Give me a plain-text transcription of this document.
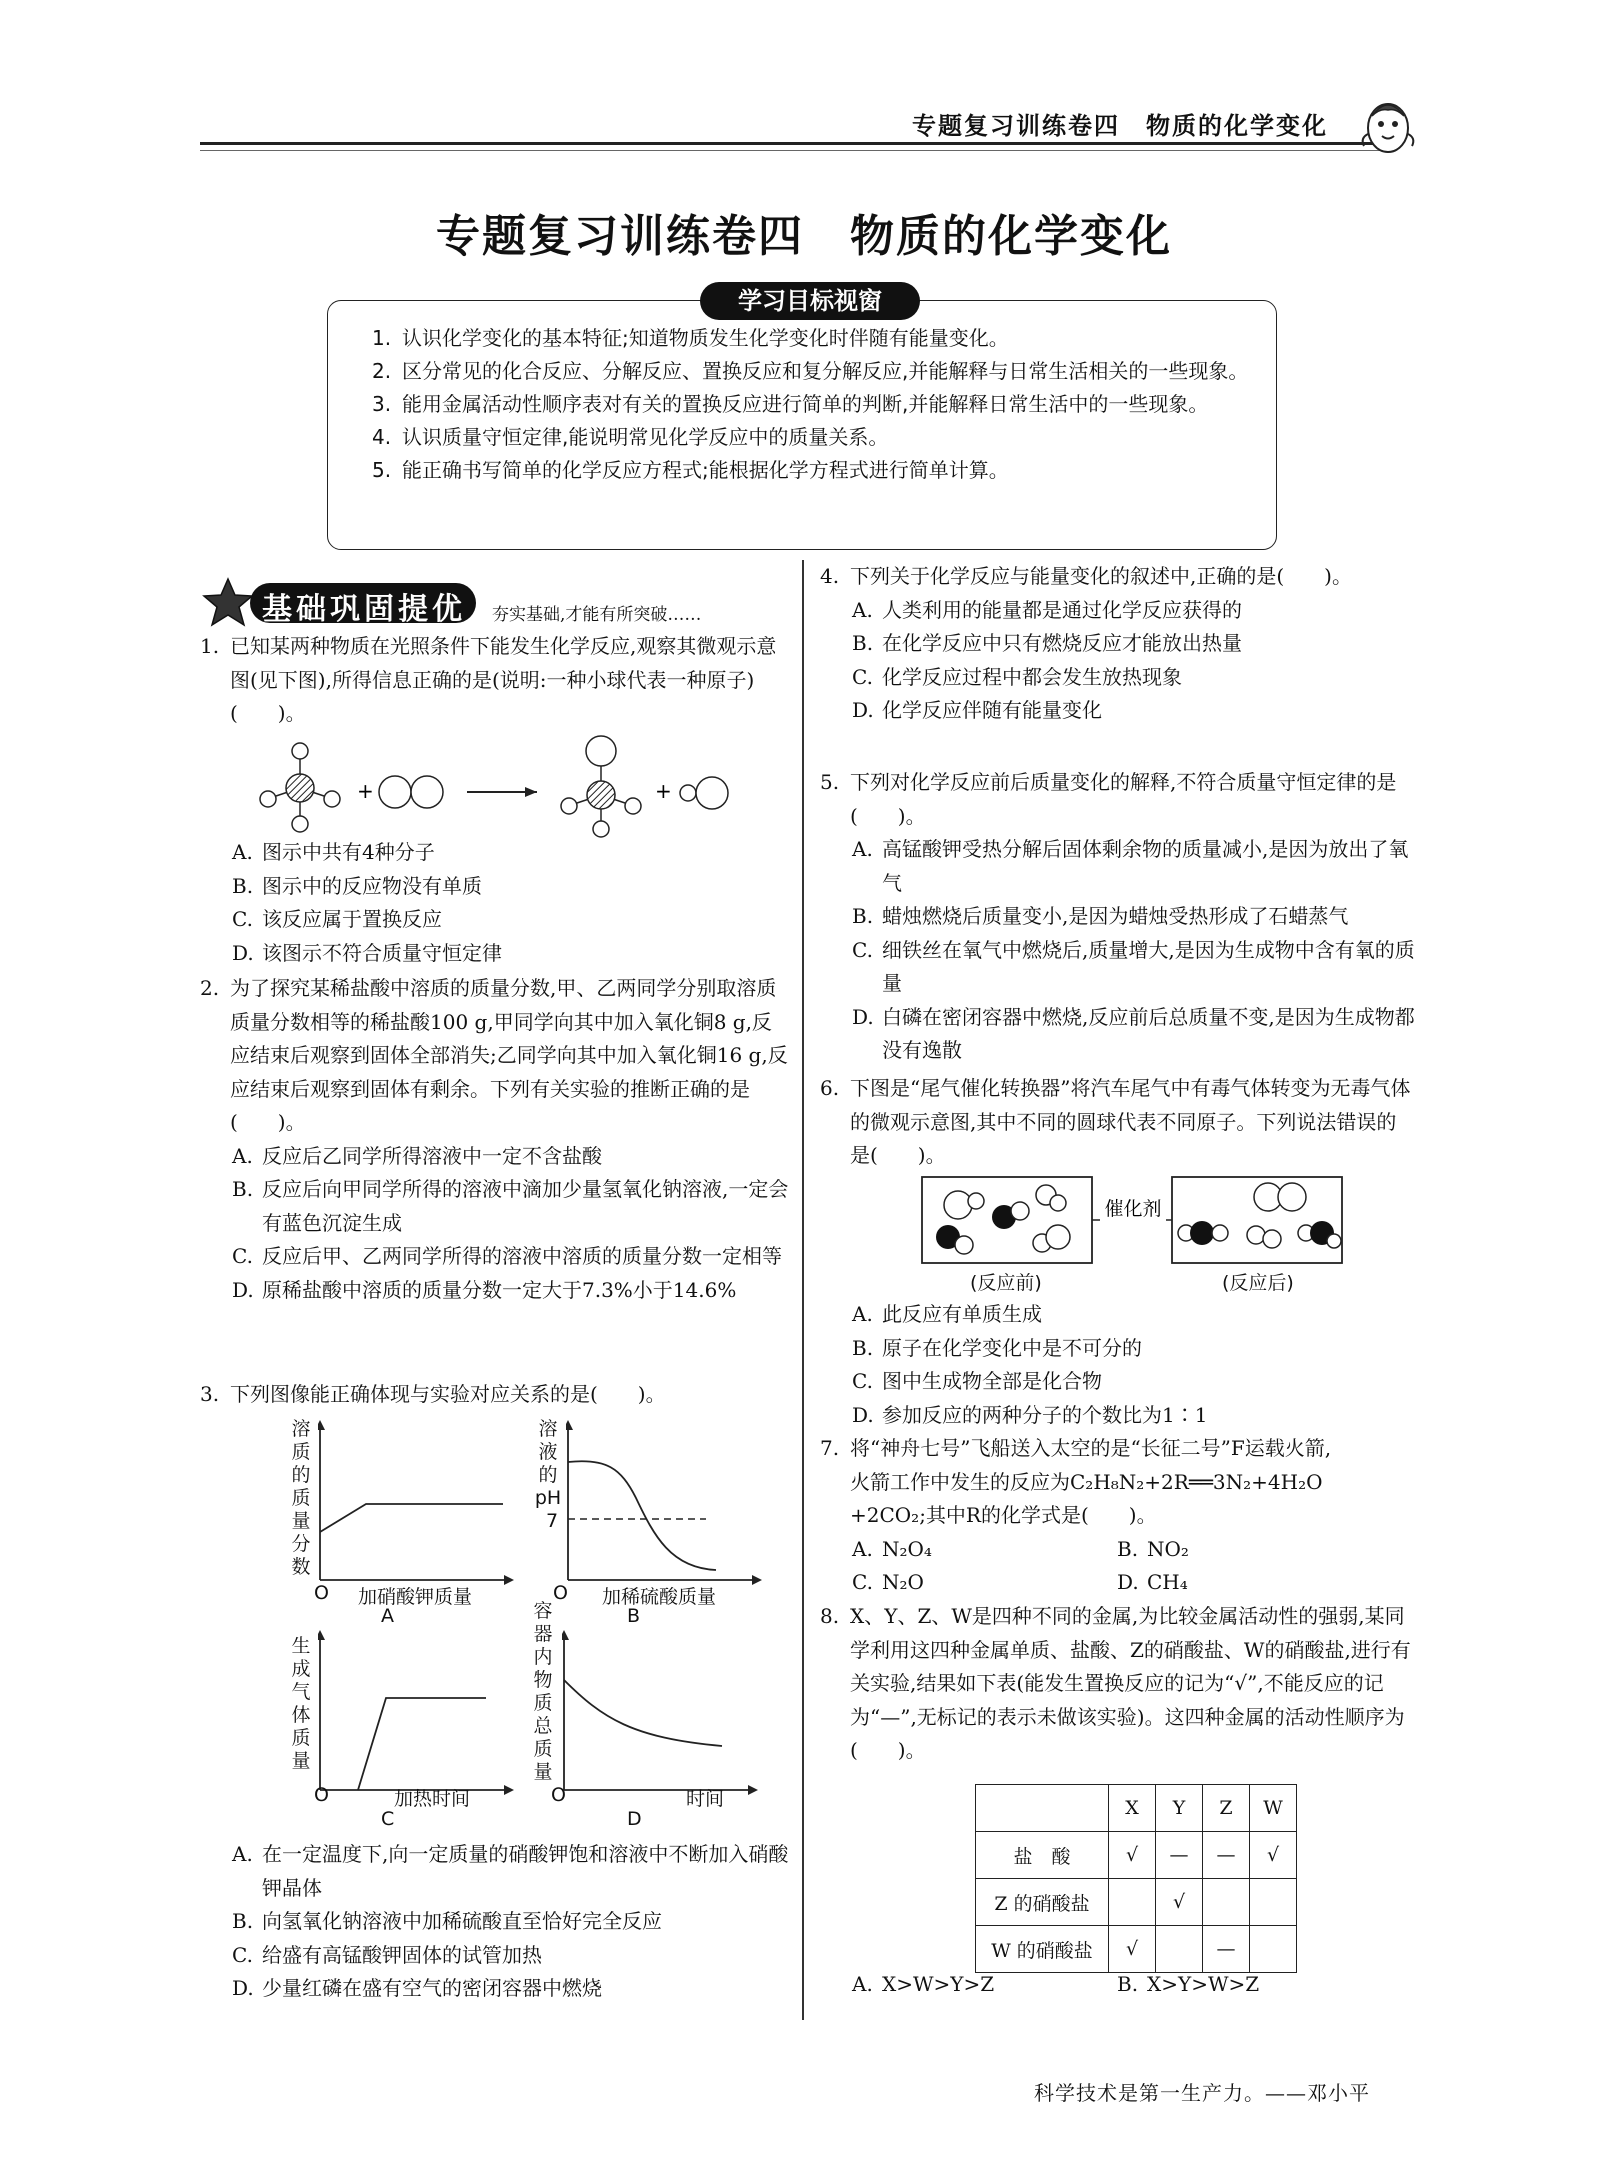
专题复习训练卷四　物质的化学变化
专题复习训练卷四　物质的化学变化
学习目标视窗
1. 认识化学变化的基本特征;知道物质发生化学变化时伴随有能量变化。
2. 区分常见的化合反应、分解反应、置换反应和复分解反应,并能解释与日常生活相关的一些现象。
3. 能用金属活动性顺序表对有关的置换反应进行简单的判断,并能解释日常生活中的一些现象。
4. 认识质量守恒定律,能说明常见化学反应中的质量关系。
5. 能正确书写简单的化学反应方程式;能根据化学方程式进行简单计算。
基础巩固提优 夯实基础,才能有所突破……
1. 已知某两种物质在光照条件下能发生化学反应,观察其微观示意图(见下图),所得信息正确的是(说明:一种小球代表一种原子)(　　)。
+	+
A. 图示中共有4种分子
B. 图示中的反应物没有单质
C. 该反应属于置换反应
D. 该图示不符合质量守恒定律
2. 为了探究某稀盐酸中溶质的质量分数,甲、乙两同学分别取溶质质量分数相等的稀盐酸100 g,甲同学向其中加入氧化铜8 g,反应结束后观察到固体全部消失;乙同学向其中加入氧化铜16 g,反应结束后观察到固体有剩余。下列有关实验的推断正确的是(　　)。
A. 反应后乙同学所得溶液中一定不含盐酸
B. 反应后向甲同学所得的溶液中滴加少量氢氧化钠溶液,一定会有蓝色沉淀生成
C. 反应后甲、乙两同学所得的溶液中溶质的质量分数一定相等
D. 原稀盐酸中溶质的质量分数一定大于7.3%小于14.6%
3. 下列图像能正确体现与实验对应关系的是(　　)。
溶
质
的
质
量
分
数
O 加硝酸钾质量
A
溶
液
的
pH
7
O 加稀硫酸质量
B
生
成
气
体
质
量
O	加热时间
C
容
器
内
物
质
总
质
量
O	时间
D
A. 在一定温度下,向一定质量的硝酸钾饱和溶液中不断加入硝酸钾晶体
B. 向氢氧化钠溶液中加稀硫酸直至恰好完全反应
C. 给盛有高锰酸钾固体的试管加热
D. 少量红磷在盛有空气的密闭容器中燃烧
4. 下列关于化学反应与能量变化的叙述中,正确的是(　　)。
A. 人类利用的能量都是通过化学反应获得的
B. 在化学反应中只有燃烧反应才能放出热量
C. 化学反应过程中都会发生放热现象
D. 化学反应伴随有能量变化
5. 下列对化学反应前后质量变化的解释,不符合质量守恒定律的是(　　)。
A. 高锰酸钾受热分解后固体剩余物的质量减小,是因为放出了氧气
B. 蜡烛燃烧后质量变小,是因为蜡烛受热形成了石蜡蒸气
C. 细铁丝在氧气中燃烧后,质量增大,是因为生成物中含有氧的质量
D. 白磷在密闭容器中燃烧,反应前后总质量不变,是因为生成物都没有逸散
6. 下图是“尾气催化转换器”将汽车尾气中有毒气体转变为无毒气体的微观示意图,其中不同的圆球代表不同原子。下列说法错误的是(　　)。
催化剂
(反应前)	(反应后)
A. 此反应有单质生成
B. 原子在化学变化中是不可分的
C. 图中生成物全部是化合物
D. 参加反应的两种分子的个数比为1∶1
7. 将“神舟七号”飞船送入太空的是“长征二号”F运载火箭,
火箭工作中发生的反应为C₂H₈N₂+2R══3N₂+4H₂O
+2CO₂;其中R的化学式是(　　)。
A. N₂O₄	B. NO₂
C. N₂O	D. CH₄
8. X、Y、Z、W是四种不同的金属,为比较金属活动性的强弱,某同学利用这四种金属单质、盐酸、Z的硝酸盐、W的硝酸盐,进行有关实验,结果如下表(能发生置换反应的记为“√”,不能反应的记为“—”,无标记的表示未做该实验)。这四种金属的活动性顺序为(　　)。
	X	Y	Z	W
盐　酸	√	—	—	√
Z 的硝酸盐		√		
W 的硝酸盐	√		—	
A. X>W>Y>Z	B. X>Y>W>Z
科学技术是第一生产力。——邓小平
